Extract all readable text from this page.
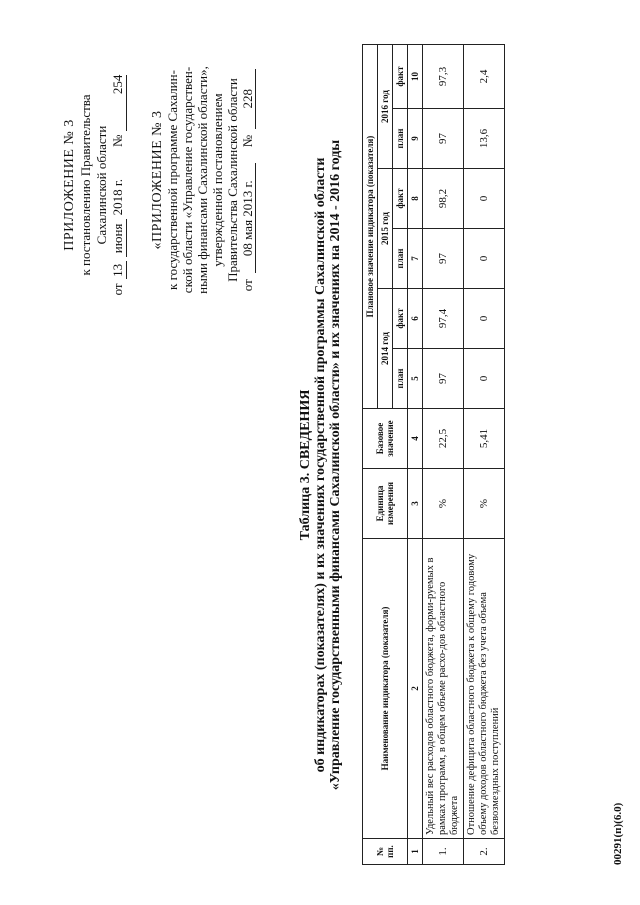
ПРИЛОЖЕНИЕ № 3 к постановлению Правительства Сахалинской области
от
13
июня
2018 г.
№
254
«ПРИЛОЖЕНИЕ № 3 к государственной программе Сахалин- ской области «Управление государствен- ными финансами Сахалинской области», утвержденной постановлением Правительства Сахалинской области
от
08 мая 2013 г.
№
228
Таблица 3. СВЕДЕНИЯ об индикаторах (показателях) и их значениях государственной программы Сахалинской области «Управление государственными финансами Сахалинской области» и их значениях на 2014 - 2016 годы
№ пп.	Наименование индикатора (показателя)	Единица измерения	Базовое значение	Плановое значение индикатора (показателя)					
				2014 год		2015 год		2016 год	
				план	факт	план	факт	план	факт
1	2	3	4	5	6	7	8	9	10
1.	Удельный вес расходов областного бюджета, форми-руемых в рамках программ, в общем объеме расхо-дов областного бюджета	%	22,5	97	97,4	97	98,2	97	97,3
2.	Отношение дефицита областного бюджета к общему годовому объему доходов областного бюджета без учета объема безвозмездных поступлений	%	5,41	0	0	0	0	13,6	2,4
00291(п)(6.0)
